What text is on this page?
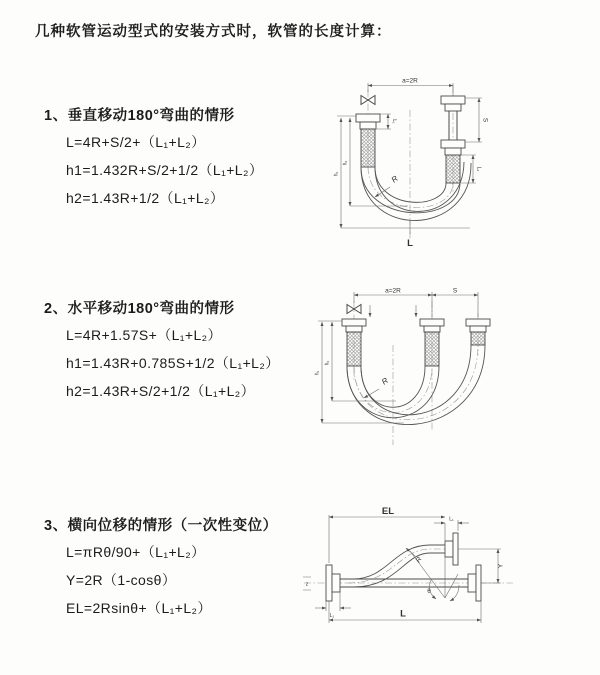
几种软管运动型式的安装方式时，软管的长度计算：
1、垂直移动180°弯曲的情形
L=4R+S/2+（L₁+L₂）
h1=1.432R+S/2+1/2（L₁+L₂）
h2=1.43R+1/2（L₁+L₂）
2、水平移动180°弯曲的情形
L=4R+1.57S+（L₁+L₂）
h1=1.43R+0.785S+1/2（L₁+L₂）
h2=1.43R+S/2+1/2（L₁+L₂）
3、横向位移的情形（一次性变位）
L=πRθ/90+（L₁+L₂）
Y=2R（1-cosθ）
EL=2Rsinθ+（L₁+L₂）
a=2R
L₁	S
L₂
h₁
h₂
L
R
a=2R	S
h₁
h₂
R
z
θ
R
EL
L₁
Y
L
L₁
